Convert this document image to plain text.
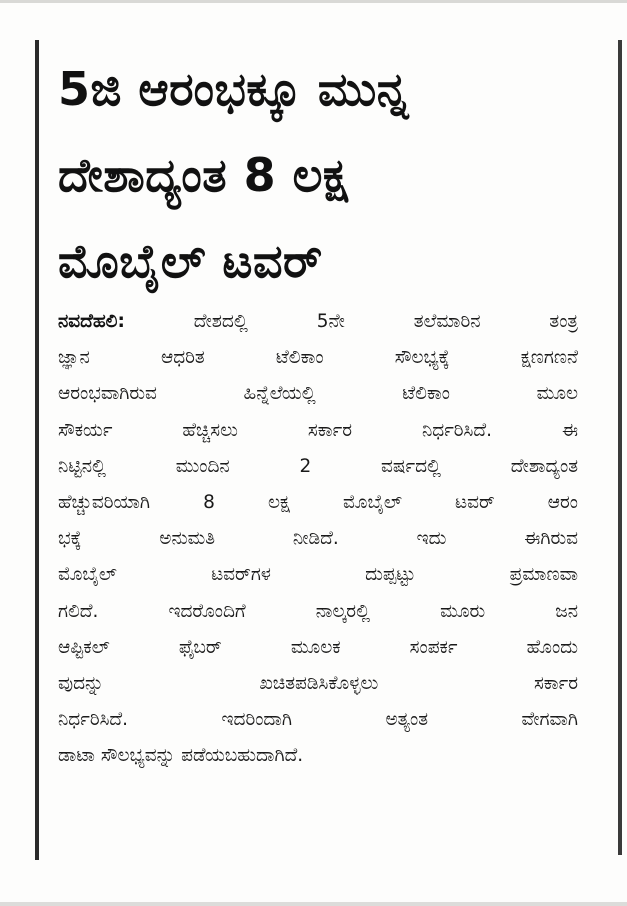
5ಜಿ ಆರಂಭಕ್ಕೂ ಮುನ್ನ
ದೇಶಾದ್ಯಂತ 8 ಲಕ್ಷ
ಮೊಬೈಲ್ ಟವರ್
ನವದೆಹಲಿ:	ದೇಶದಲ್ಲಿ 5ನೇ ತಲೆಮಾರಿನ ತಂತ್ರ
ಜ್ಞಾನ ಆಧರಿತ ಟೆಲಿಕಾಂ ಸೌಲಭ್ಯಕ್ಕೆ ಕ್ಷಣಗಣನೆ
ಆರಂಭವಾಗಿರುವ ಹಿನ್ನೆಲೆಯಲ್ಲಿ ಟೆಲಿಕಾಂ ಮೂಲ
ಸೌಕರ್ಯ ಹೆಚ್ಚಿಸಲು ಸರ್ಕಾರ ನಿರ್ಧರಿಸಿದೆ. ಈ
ನಿಟ್ಟಿನಲ್ಲಿ ಮುಂದಿನ 2 ವರ್ಷದಲ್ಲಿ ದೇಶಾದ್ಯಂತ
ಹೆಚ್ಚುವರಿಯಾಗಿ 8 ಲಕ್ಷ ಮೊಬೈಲ್ ಟವರ್ ಆರಂ
ಭಕ್ಕೆ ಅನುಮತಿ ನೀಡಿದೆ. ಇದು ಈಗಿರುವ
ಮೊಬೈಲ್ ಟವರ್‌ಗಳ ದುಪ್ಪಟ್ಟು ಪ್ರಮಾಣವಾ
ಗಲಿದೆ. ಇದರೊಂದಿಗೆ ನಾಲ್ಕರಲ್ಲಿ ಮೂರು ಜನ
ಆಪ್ಟಿಕಲ್ ಫೈಬರ್ ಮೂಲಕ ಸಂಪರ್ಕ ಹೊಂದು
ವುದನ್ನು ಖಚಿತಪಡಿಸಿಕೊಳ್ಳಲು ಸರ್ಕಾರ
ನಿರ್ಧರಿಸಿದೆ. ಇದರಿಂದಾಗಿ ಅತ್ಯಂತ ವೇಗವಾಗಿ
ಡಾಟಾ ಸೌಲಭ್ಯವನ್ನು ಪಡೆಯಬಹುದಾಗಿದೆ.
